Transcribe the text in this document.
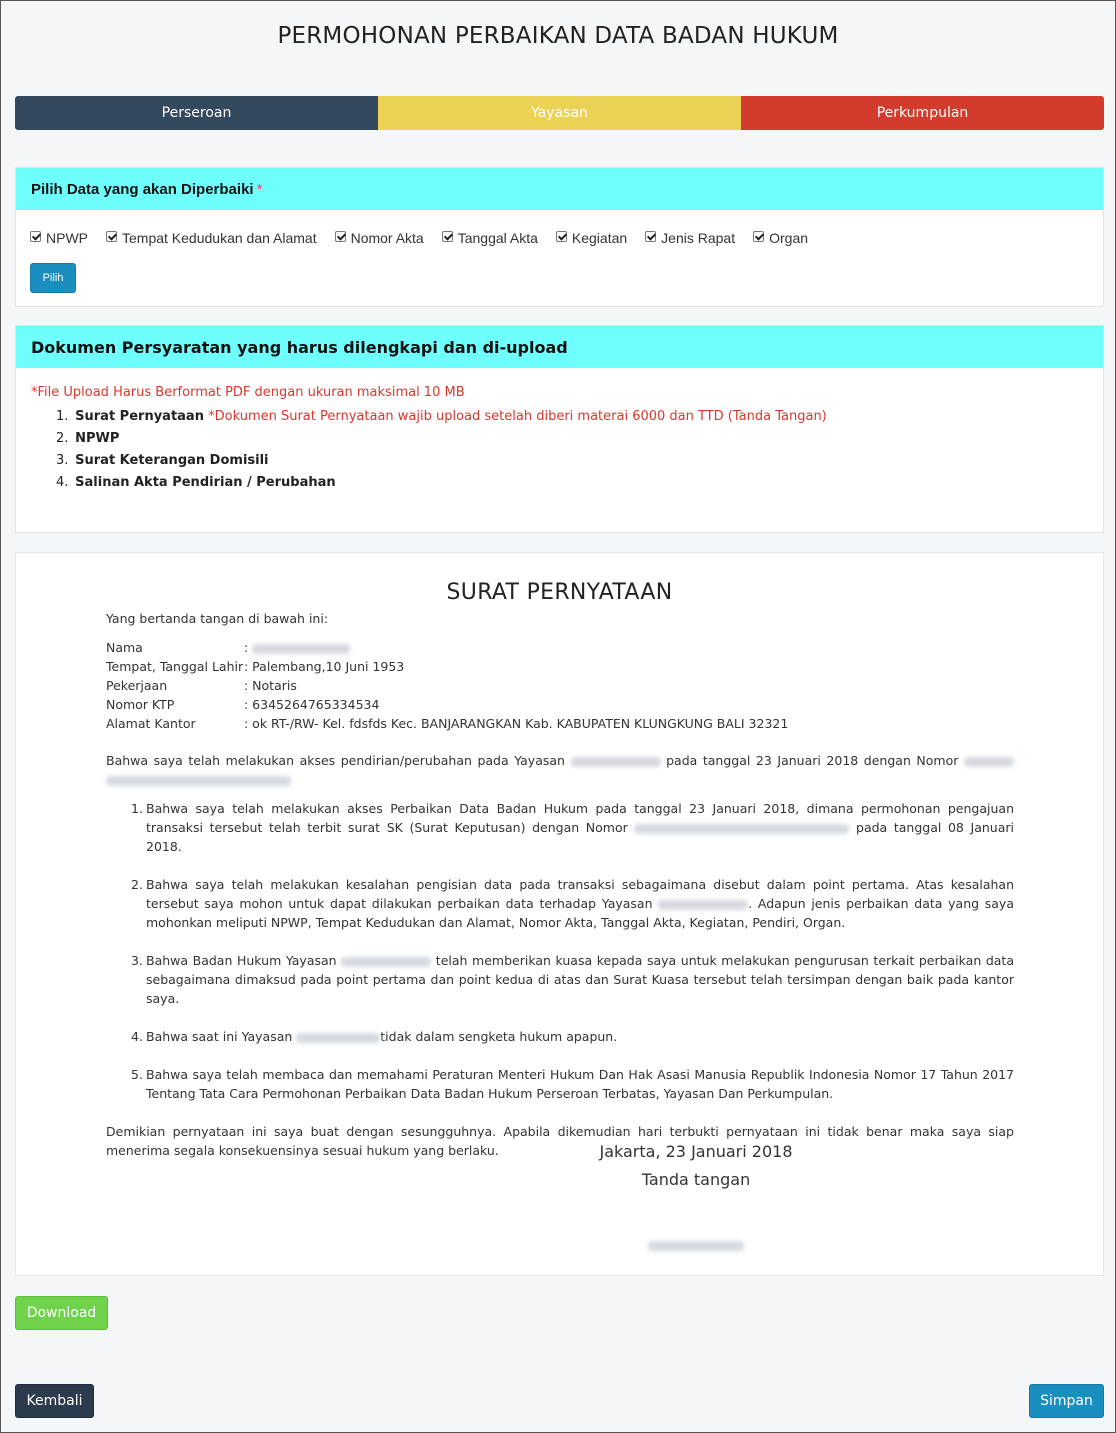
PERMOHONAN PERBAIKAN DATA BADAN HUKUM
Perseroan	Yayasan	Perkumpulan
Pilih Data yang akan Diperbaiki *
NPWP Tempat Kedudukan dan Alamat Nomor Akta Tanggal Akta Kegiatan Jenis Rapat Organ
Pilih
Dokumen Persyaratan yang harus dilengkapi dan di-upload
*File Upload Harus Berformat PDF dengan ukuran maksimal 10 MB
1. Surat Pernyataan *Dokumen Surat Pernyataan wajib upload setelah diberi materai 6000 dan TTD (Tanda Tangan)
2. NPWP
3. Surat Keterangan Domisili
4. Salinan Akta Pendirian / Perubahan
SURAT PERNYATAAN
Yang bertanda tangan di bawah ini:
Nama	:
Tempat, Tanggal Lahir	: Palembang,10 Juni 1953
Pekerjaan	: Notaris
Nomor KTP	: 6345264765334534
Alamat Kantor	: ok RT-/RW- Kel. fdsfds Kec. BANJARANGKAN Kab. KABUPATEN KLUNGKUNG BALI 32321
Bahwa saya telah melakukan akses pendirian/perubahan pada Yayasan	pada tanggal 23 Januari 2018 dengan Nomor
1. Bahwa saya telah melakukan akses Perbaikan Data Badan Hukum pada tanggal 23 Januari 2018, dimana permohonan pengajuan transaksi tersebut telah terbit surat SK (Surat Keputusan) dengan Nomor	pada tanggal 08 Januari 2018.
2. Bahwa saya telah melakukan kesalahan pengisian data pada transaksi sebagaimana disebut dalam point pertama. Atas kesalahan tersebut saya mohon untuk dapat dilakukan perbaikan data terhadap Yayasan	. Adapun jenis perbaikan data yang saya mohonkan meliputi NPWP, Tempat Kedudukan dan Alamat, Nomor Akta, Tanggal Akta, Kegiatan, Pendiri, Organ.
3. Bahwa Badan Hukum Yayasan	telah memberikan kuasa kepada saya untuk melakukan pengurusan terkait perbaikan data sebagaimana dimaksud pada point pertama dan point kedua di atas dan Surat Kuasa tersebut telah tersimpan dengan baik pada kantor saya.
4. Bahwa saat ini Yayasan	tidak dalam sengketa hukum apapun.
5. Bahwa saya telah membaca dan memahami Peraturan Menteri Hukum Dan Hak Asasi Manusia Republik Indonesia Nomor 17 Tahun 2017 Tentang Tata Cara Permohonan Perbaikan Data Badan Hukum Perseroan Terbatas, Yayasan Dan Perkumpulan.
Demikian pernyataan ini saya buat dengan sesungguhnya. Apabila dikemudian hari terbukti pernyataan ini tidak benar maka saya siap menerima segala konsekuensinya sesuai hukum yang berlaku.	Jakarta, 23 Januari 2018
Tanda tangan
Download
Kembali	Simpan
